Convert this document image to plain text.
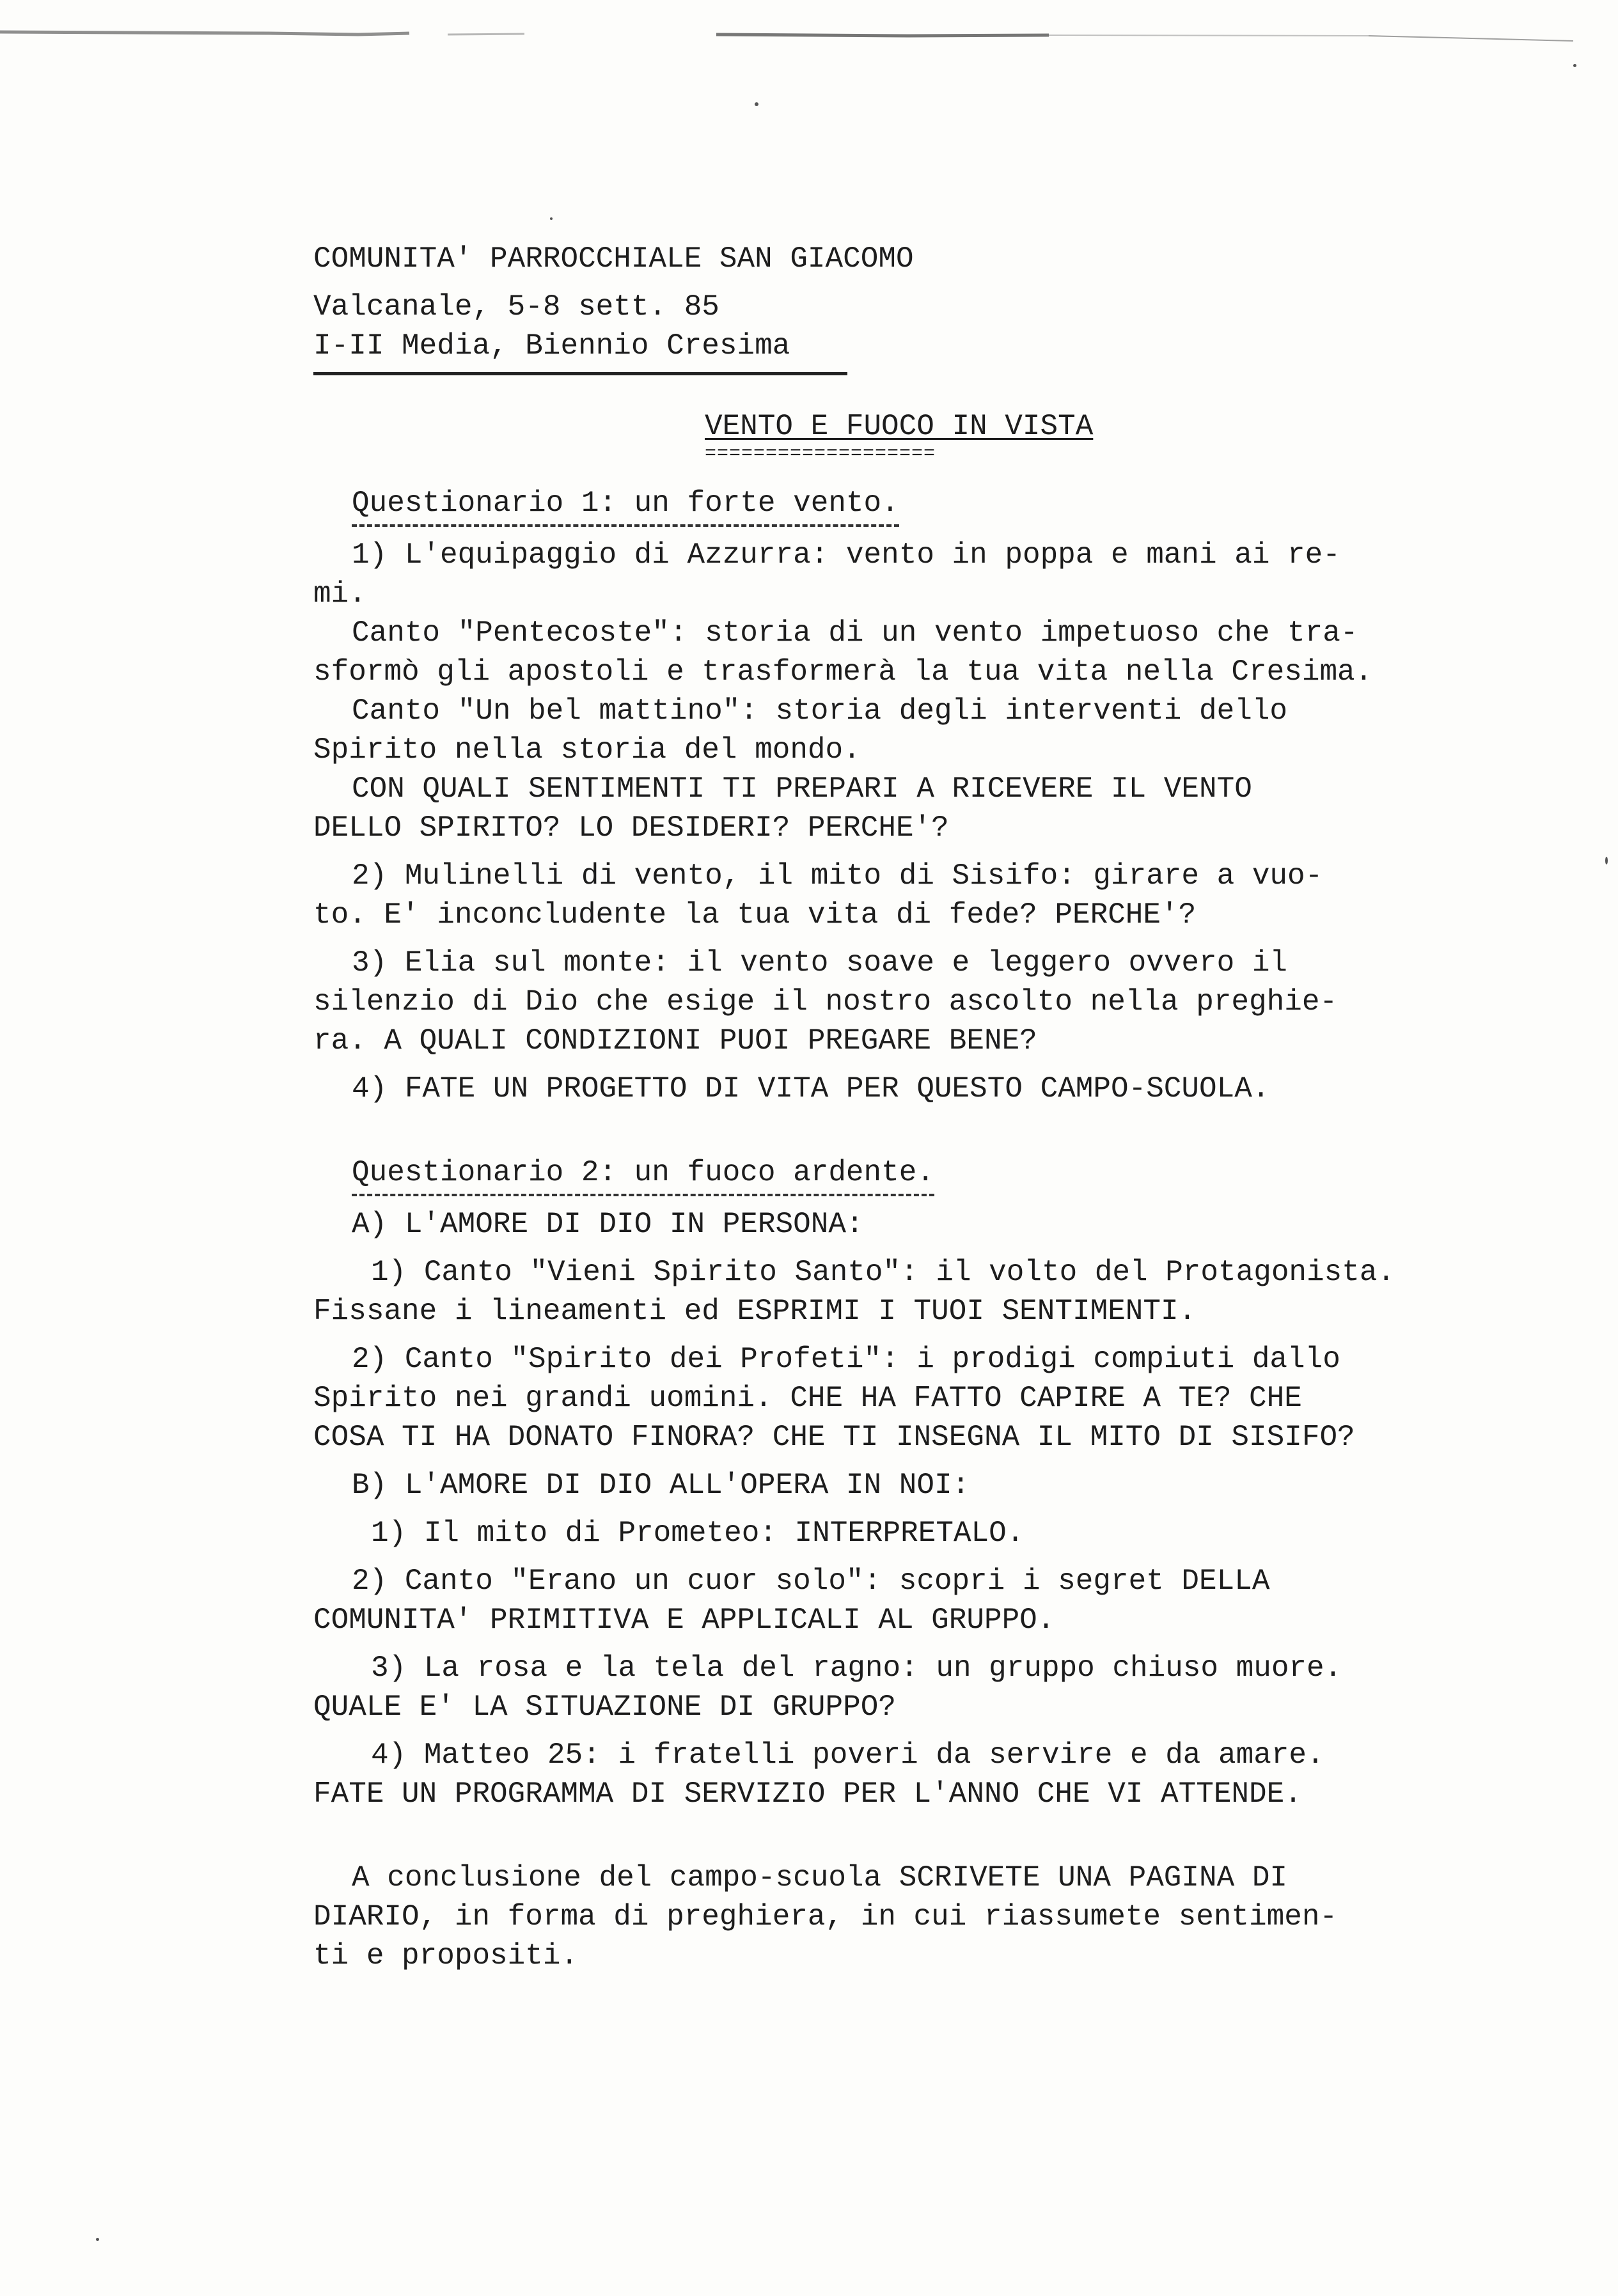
COMUNITA' PARROCCHIALE SAN GIACOMO

Valcanale, 5-8 sett. 85

I-II Media, Biennio Cresima

VENTO E FUOCO IN VISTA
===================
Questionario 1: un forte vento.

1) L'equipaggio di Azzurra: vento in poppa e mani ai re-

mi.

Canto "Pentecoste": storia di un vento impetuoso che tra-

sformò gli apostoli e trasformerà la tua vita nella Cresima.

Canto "Un bel mattino": storia degli interventi dello

Spirito nella storia del mondo.

CON QUALI SENTIMENTI TI PREPARI A RICEVERE IL VENTO

DELLO SPIRITO? LO DESIDERI? PERCHE'?

2) Mulinelli di vento, il mito di Sisifo: girare a vuo-

to. E' inconcludente la tua vita di fede? PERCHE'?

3) Elia sul monte: il vento soave e leggero ovvero il

silenzio di Dio che esige il nostro ascolto nella preghie-

ra. A QUALI CONDIZIONI PUOI PREGARE BENE?

4) FATE UN PROGETTO DI VITA PER QUESTO CAMPO-SCUOLA.

Questionario 2: un fuoco ardente.

A) L'AMORE DI DIO IN PERSONA:

1) Canto "Vieni Spirito Santo": il volto del Protagonista.

Fissane i lineamenti ed ESPRIMI I TUOI SENTIMENTI.

2) Canto "Spirito dei Profeti": i prodigi compiuti dallo

Spirito nei grandi uomini. CHE HA FATTO CAPIRE A TE? CHE

COSA TI HA DONATO FINORA? CHE TI INSEGNA IL MITO DI SISIFO?

B) L'AMORE DI DIO ALL'OPERA IN NOI:

1) Il mito di Prometeo: INTERPRETALO.

2) Canto "Erano un cuor solo": scopri i segret DELLA

COMUNITA' PRIMITIVA E APPLICALI AL GRUPPO.

3) La rosa e la tela del ragno: un gruppo chiuso muore.

QUALE E' LA SITUAZIONE DI GRUPPO?

4) Matteo 25: i fratelli poveri da servire e da amare.

FATE UN PROGRAMMA DI SERVIZIO PER L'ANNO CHE VI ATTENDE.

A conclusione del campo-scuola SCRIVETE UNA PAGINA DI

DIARIO, in forma di preghiera, in cui riassumete sentimen-

ti e propositi.
